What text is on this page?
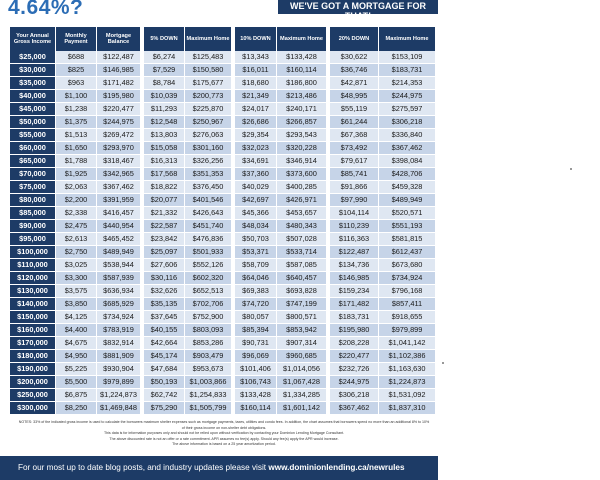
4.64%?	WE'VE GOT A MORTGAGE FOR THAT!
Your Annual Gross Income	Monthly Payment	Mortgage Balance		5% DOWN	Maximum Home		10% DOWN	Maximum Home		20% DOWN	Maximum Home
$25,000	$688	$122,487		$6,274	$125,483		$13,343	$133,428		$30,622	$153,109
$30,000	$825	$146,985		$7,529	$150,580		$16,011	$160,114		$36,746	$183,731
$35,000	$963	$171,482		$8,784	$175,677		$18,680	$186,800		$42,871	$214,353
$40,000	$1,100	$195,980		$10,039	$200,773		$21,349	$213,486		$48,995	$244,975
$45,000	$1,238	$220,477		$11,293	$225,870		$24,017	$240,171		$55,119	$275,597
$50,000	$1,375	$244,975		$12,548	$250,967		$26,686	$266,857		$61,244	$306,218
$55,000	$1,513	$269,472		$13,803	$276,063		$29,354	$293,543		$67,368	$336,840
$60,000	$1,650	$293,970		$15,058	$301,160		$32,023	$320,228		$73,492	$367,462
$65,000	$1,788	$318,467		$16,313	$326,256		$34,691	$346,914		$79,617	$398,084
$70,000	$1,925	$342,965		$17,568	$351,353		$37,360	$373,600		$85,741	$428,706
$75,000	$2,063	$367,462		$18,822	$376,450		$40,029	$400,285		$91,866	$459,328
$80,000	$2,200	$391,959		$20,077	$401,546		$42,697	$426,971		$97,990	$489,949
$85,000	$2,338	$416,457		$21,332	$426,643		$45,366	$453,657		$104,114	$520,571
$90,000	$2,475	$440,954		$22,587	$451,740		$48,034	$480,343		$110,239	$551,193
$95,000	$2,613	$465,452		$23,842	$476,836		$50,703	$507,028		$116,363	$581,815
$100,000	$2,750	$489,949		$25,097	$501,933		$53,371	$533,714		$122,487	$612,437
$110,000	$3,025	$538,944		$27,606	$552,126		$58,709	$587,085		$134,736	$673,680
$120,000	$3,300	$587,939		$30,116	$602,320		$64,046	$640,457		$146,985	$734,924
$130,000	$3,575	$636,934		$32,626	$652,513		$69,383	$693,828		$159,234	$796,168
$140,000	$3,850	$685,929		$35,135	$702,706		$74,720	$747,199		$171,482	$857,411
$150,000	$4,125	$734,924		$37,645	$752,900		$80,057	$800,571		$183,731	$918,655
$160,000	$4,400	$783,919		$40,155	$803,093		$85,394	$853,942		$195,980	$979,899
$170,000	$4,675	$832,914		$42,664	$853,286		$90,731	$907,314		$208,228	$1,041,142
$180,000	$4,950	$881,909		$45,174	$903,479		$96,069	$960,685		$220,477	$1,102,386
$190,000	$5,225	$930,904		$47,684	$953,673		$101,406	$1,014,056		$232,726	$1,163,630
$200,000	$5,500	$979,899		$50,193	$1,003,866		$106,743	$1,067,428		$244,975	$1,224,873
$250,000	$6,875	$1,224,873		$62,742	$1,254,833		$133,428	$1,334,285		$306,218	$1,531,092
$300,000	$8,250	$1,469,848		$75,290	$1,505,799		$160,114	$1,601,142		$367,462	$1,837,310
NOTES: 33% of the indicated gross income is used to calculate the borrowers maximum shelter expenses such as mortgage payments, taxes, utilities and condo fees. In addition, the chart assumes that borrowers spend no more than an additional 8% to 10% of their gross income on non-shelter debt obligations.
This data is for information purposes only and should not be relied upon without verification by contacting your Dominion Lending Mortgage Consultant.
The above discounted rate is not an offer or a rate commitment. APR assumes no fee(s) apply. Should any fee(s) apply the APR would increase.
The above information is based on a 25 year amortization period.
For our most up to date blog posts, and industry updates please visit www.dominionlending.ca/newrules
